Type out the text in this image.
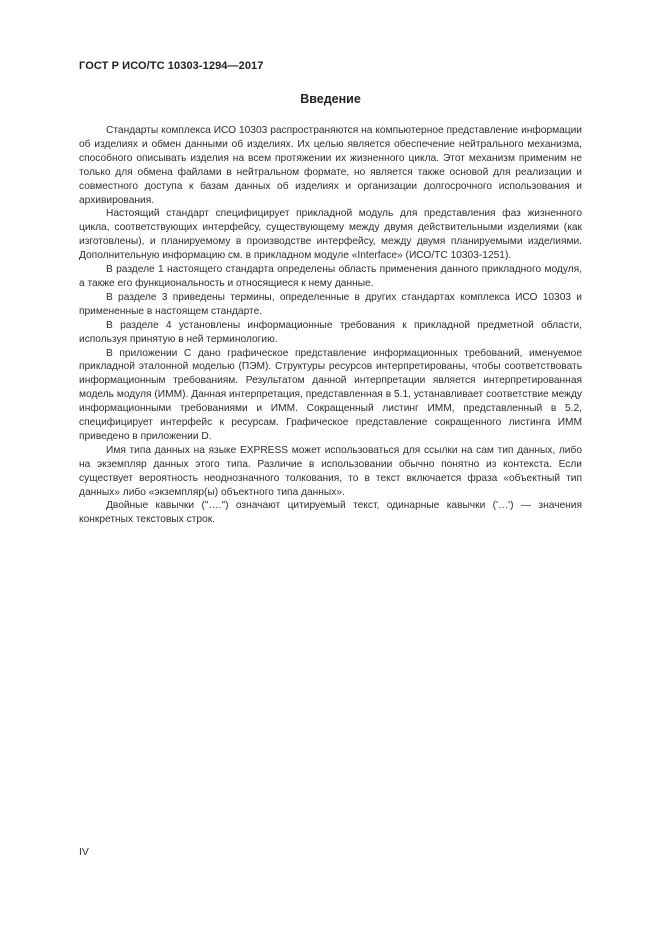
ГОСТ Р ИСО/ТС 10303-1294—2017
Введение

Стандарты комплекса ИСО 10303 распространяются на компьютерное представление информации об изделиях и обмен данными об изделиях. Их целью является обеспечение нейтрального механизма, способного описывать изделия на всем протяжении их жизненного цикла. Этот механизм применим не только для обмена файлами в нейтральном формате, но является также основой для реализации и совместного доступа к базам данных об изделиях и организации долгосрочного использования и архивирования.

Настоящий стандарт специфицирует прикладной модуль для представления фаз жизненного цикла, соответствующих интерфейсу, существующему между двумя действительными изделиями (как изготовлены), и планируемому в производстве интерфейсу, между двумя планируемыми изделиями. Дополнительную информацию см. в прикладном модуле «Interface» (ИСО/ТС 10303-1251).

В разделе 1 настоящего стандарта определены область применения данного прикладного модуля, а также его функциональность и относящиеся к нему данные.

В разделе 3 приведены термины, определенные в других стандартах комплекса ИСО 10303 и примененные в настоящем стандарте.

В разделе 4 установлены информационные требования к прикладной предметной области, используя принятую в ней терминологию.

В приложении С дано графическое представление информационных требований, именуемое прикладной эталонной моделью (ПЭМ). Структуры ресурсов интерпретированы, чтобы соответствовать информационным требованиям. Результатом данной интерпретации является интерпретированная модель модуля (ИММ). Данная интерпретация, представленная в 5.1, устанавливает соответствие между информационными требованиями и ИММ. Сокращенный листинг ИММ, представленный в 5.2, специфицирует интерфейс к ресурсам. Графическое представление сокращенного листинга ИММ приведено в приложении D.

Имя типа данных на языке EXPRESS может использоваться для ссылки на сам тип данных, либо на экземпляр данных этого типа. Различие в использовании обычно понятно из контекста. Если существует вероятность неоднозначного толкования, то в текст включается фраза «объектный тип данных» либо «экземпляр(ы) объектного типа данных».

Двойные кавычки ("….") означают цитируемый текст, одинарные кавычки ('…') — значения конкретных текстовых строк.

IV
